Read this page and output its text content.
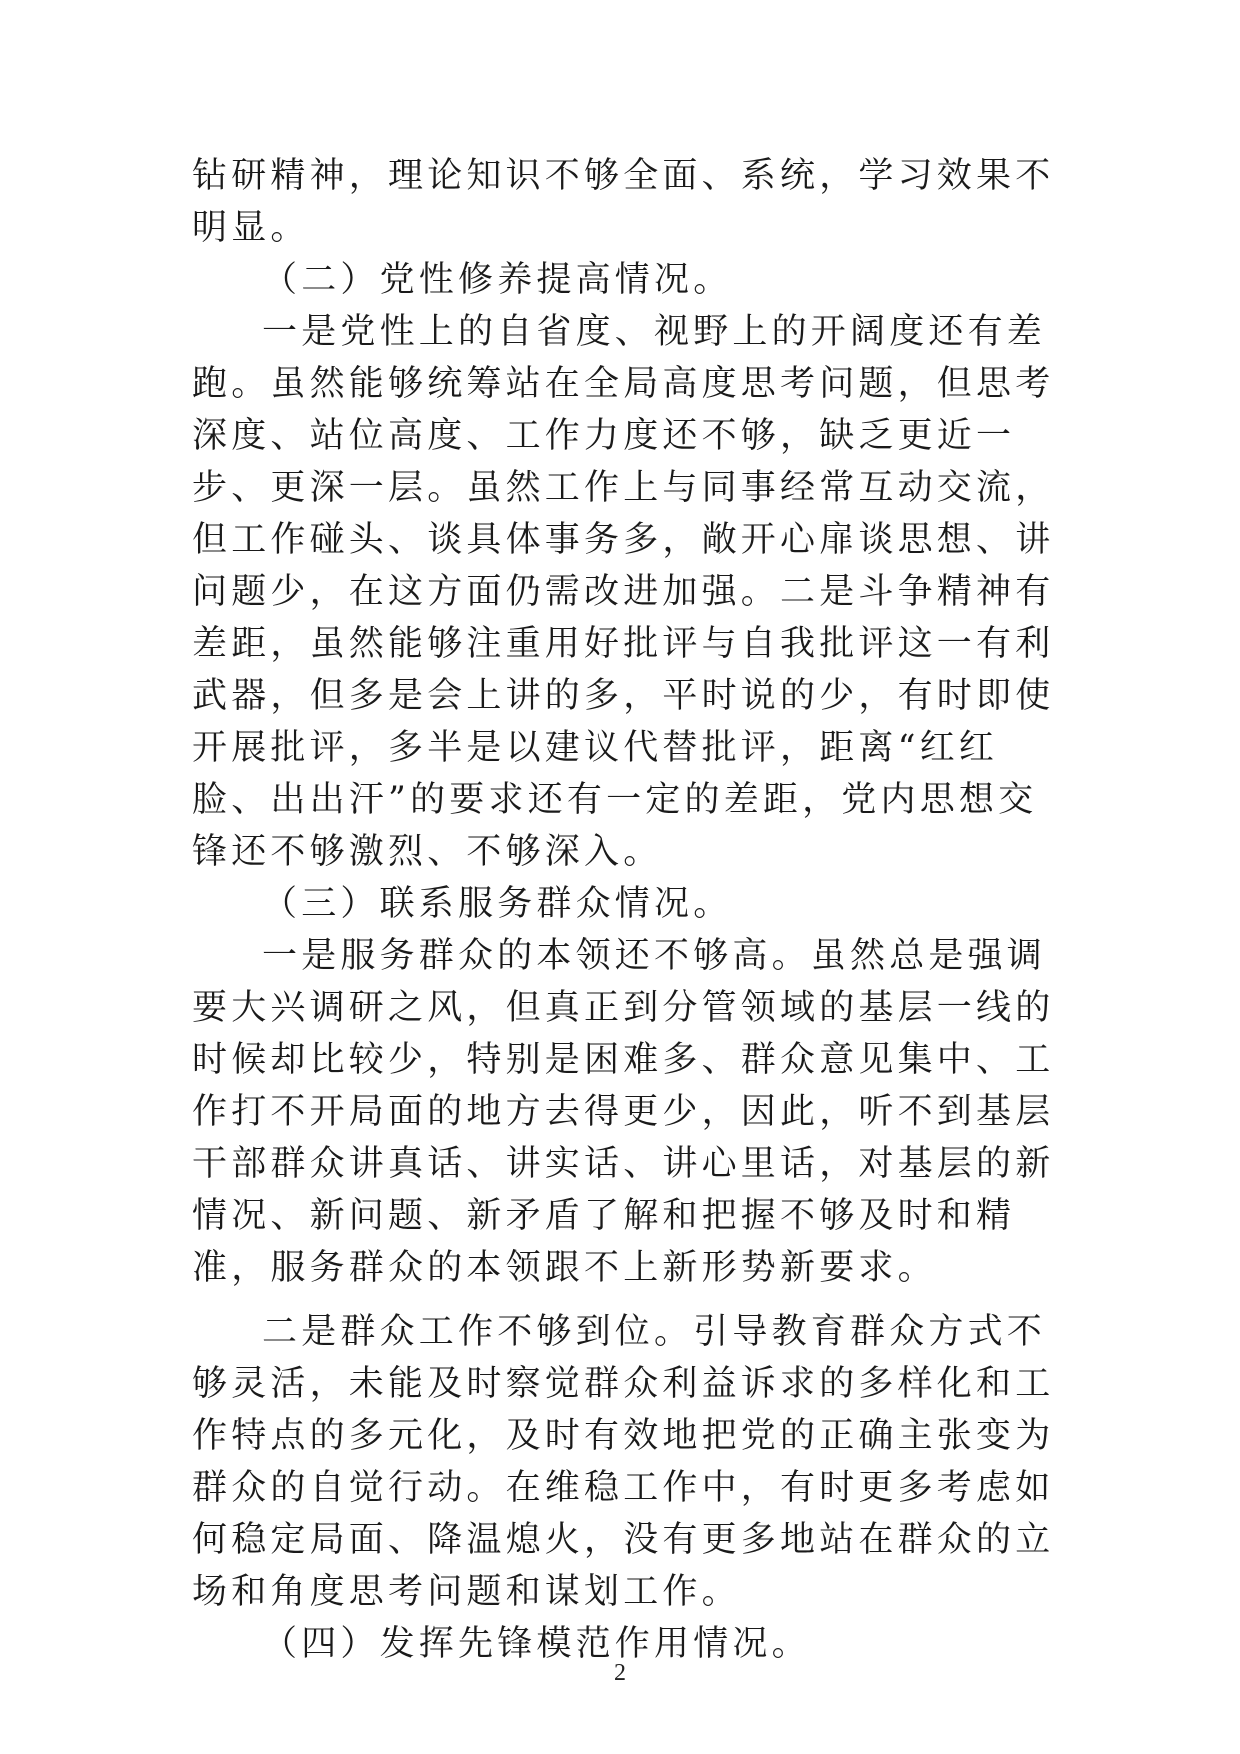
钻研精神，理论知识不够全面、系统，学习效果不明显。

（二）党性修养提高情况。

一是党性上的自省度、视野上的开阔度还有差跑。虽然能够统筹站在全局高度思考问题，但思考深度、站位高度、工作力度还不够，缺乏更近一步、更深一层。虽然工作上与同事经常互动交流，但工作碰头、谈具体事务多，敞开心扉谈思想、讲问题少，在这方面仍需改进加强。二是斗争精神有差距，虽然能够注重用好批评与自我批评这一有利武器，但多是会上讲的多，平时说的少，有时即使开展批评，多半是以建议代替批评，距离“红红脸、出出汗”的要求还有一定的差距，党内思想交锋还不够激烈、不够深入。

（三）联系服务群众情况。

一是服务群众的本领还不够高。虽然总是强调要大兴调研之风，但真正到分管领域的基层一线的时候却比较少，特别是困难多、群众意见集中、工作打不开局面的地方去得更少，因此，听不到基层干部群众讲真话、讲实话、讲心里话，对基层的新情况、新问题、新矛盾了解和把握不够及时和精准，服务群众的本领跟不上新形势新要求。

二是群众工作不够到位。引导教育群众方式不够灵活，未能及时察觉群众利益诉求的多样化和工作特点的多元化，及时有效地把党的正确主张变为群众的自觉行动。在维稳工作中，有时更多考虑如何稳定局面、降温熄火，没有更多地站在群众的立场和角度思考问题和谋划工作。

（四）发挥先锋模范作用情况。

2
